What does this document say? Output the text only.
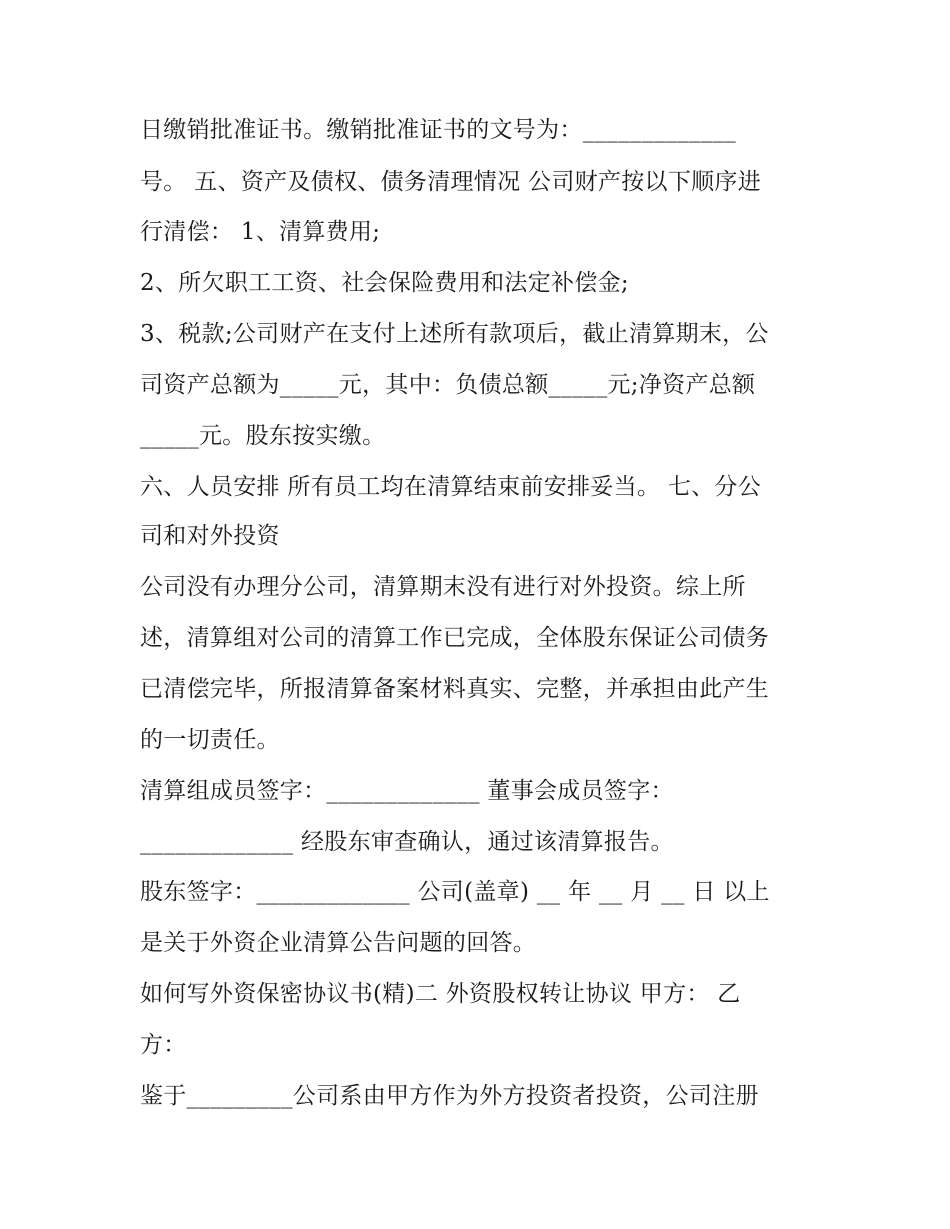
日缴销批准证书。缴销批准证书的文号为：_____________
号。 五、资产及债权、债务清理情况 公司财产按以下顺序进
行清偿： 1、清算费用;
2、所欠职工工资、社会保险费用和法定补偿金;
3、税款;公司财产在支付上述所有款项后，截止清算期末，公
司资产总额为_____元，其中：负债总额_____元;净资产总额
_____元。股东按实缴。
六、人员安排 所有员工均在清算结束前安排妥当。 七、分公
司和对外投资
公司没有办理分公司，清算期末没有进行对外投资。综上所
述，清算组对公司的清算工作已完成，全体股东保证公司债务
已清偿完毕，所报清算备案材料真实、完整，并承担由此产生
的一切责任。
清算组成员签字：_____________ 董事会成员签字：
_____________ 经股东审查确认，通过该清算报告。
股东签字：_____________ 公司(盖章) __ 年 __ 月 __ 日 以上
是关于外资企业清算公告问题的回答。
如何写外资保密协议书(精)二 外资股权转让协议 甲方： 乙
方：
鉴于_________公司系由甲方作为外方投资者投资，公司注册
